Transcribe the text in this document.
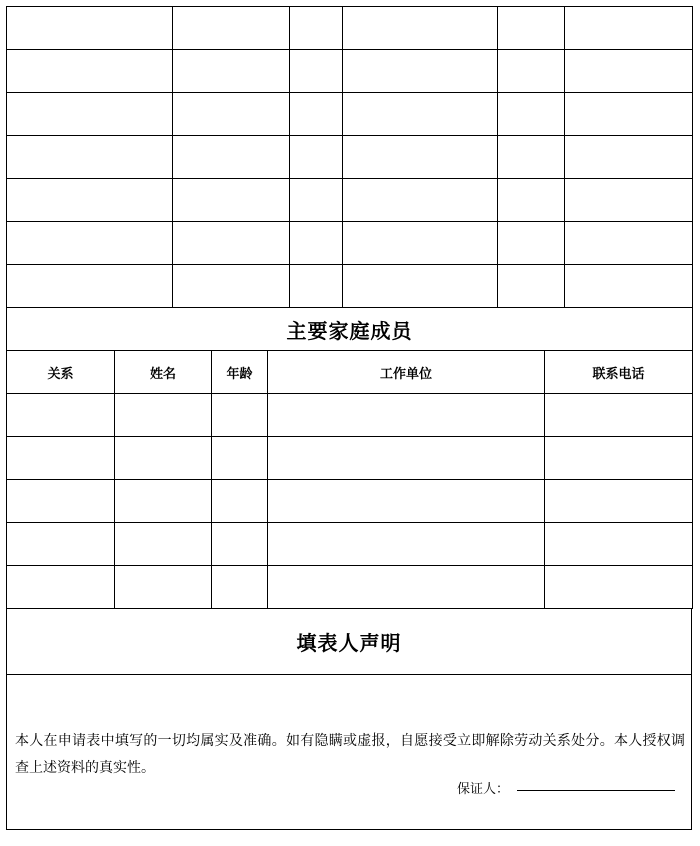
主要家庭成员				
关系	姓名	年龄	工作单位	联系电话

填表人声明

本人在申请表中填写的一切均属实及准确。如有隐瞒或虚报，自愿接受立即解除劳动关系处分。本人授权调查上述资料的真实性。
保证人：
